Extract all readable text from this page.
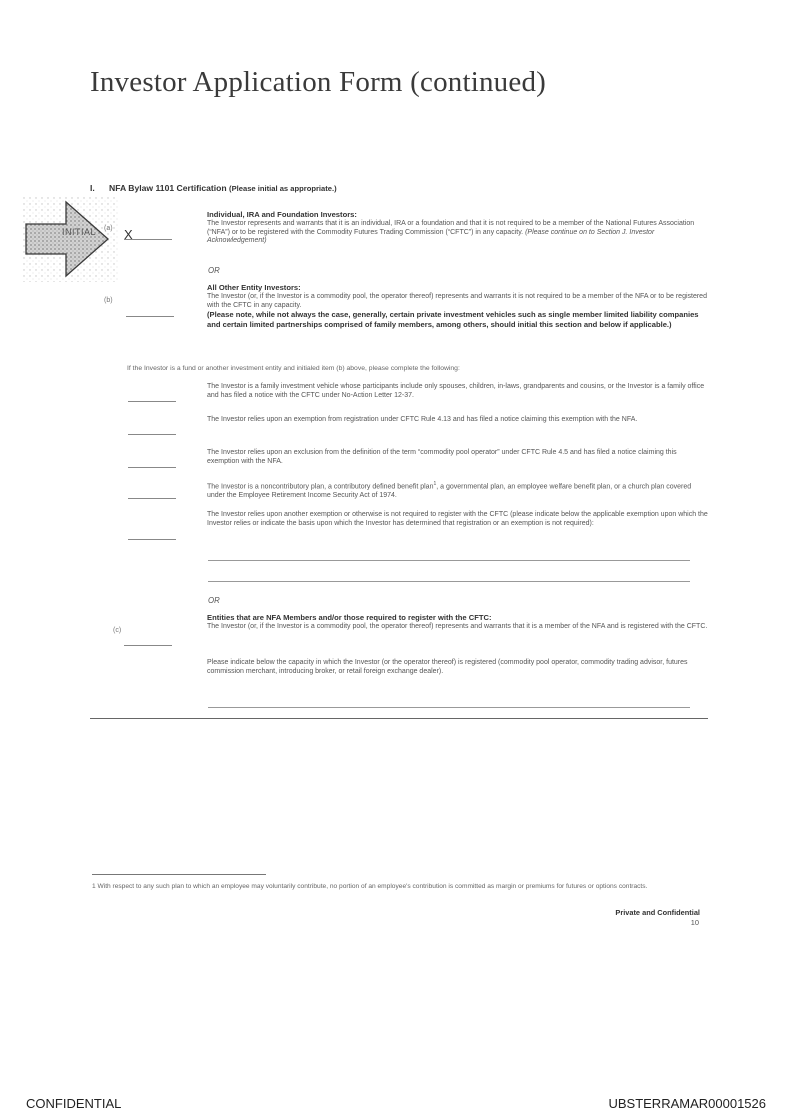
Investor Application Form (continued)
I. NFA Bylaw 1101 Certification (Please initial as appropriate.)
INITIAL	(a) X
Individual, IRA and Foundation Investors:
The Investor represents and warrants that it is an individual, IRA or a foundation and that it is not required to be a member of the National Futures Association (“NFA”) or to be registered with the Commodity Futures Trading Commission (“CFTC”) in any capacity. (Please continue on to Section J. Investor Acknowledgement)
OR
(b)
All Other Entity Investors:
The Investor (or, if the Investor is a commodity pool, the operator thereof) represents and warrants it is not required to be a member of the NFA or to be registered with the CFTC in any capacity.
(Please note, while not always the case, generally, certain private investment vehicles such as single member limited liability companies and certain limited partnerships comprised of family members, among others, should initial this section and below if applicable.)
If the Investor is a fund or another investment entity and initialed item (b) above, please complete the following:
The Investor is a family investment vehicle whose participants include only spouses, children, in-laws, grandparents and cousins, or the Investor is a family office and has filed a notice with the CFTC under No-Action Letter 12-37.
The Investor relies upon an exemption from registration under CFTC Rule 4.13 and has filed a notice claiming this exemption with the NFA.
The Investor relies upon an exclusion from the definition of the term “commodity pool operator” under CFTC Rule 4.5 and has filed a notice claiming this exemption with the NFA.
The Investor is a noncontributory plan, a contributory defined benefit plan$^1$, a governmental plan, an employee welfare benefit plan, or a church plan covered under the Employee Retirement Income Security Act of 1974.
The Investor relies upon another exemption or otherwise is not required to register with the CFTC (please indicate below the applicable exemption upon which the Investor relies or indicate the basis upon which the Investor has determined that registration or an exemption is not required):
OR
(c)
Entities that are NFA Members and/or those required to register with the CFTC:
The Investor (or, if the Investor is a commodity pool, the operator thereof) represents and warrants that it is a member of the NFA and is registered with the CFTC.
Please indicate below the capacity in which the Investor (or the operator thereof) is registered (commodity pool operator, commodity trading advisor, futures commission merchant, introducing broker, or retail foreign exchange dealer).
1 With respect to any such plan to which an employee may voluntarily contribute, no portion of an employee's contribution is committed as margin or premiums for futures or options contracts.
Private and Confidential
10
CONFIDENTIAL	UBSTERRAMAR00001526
